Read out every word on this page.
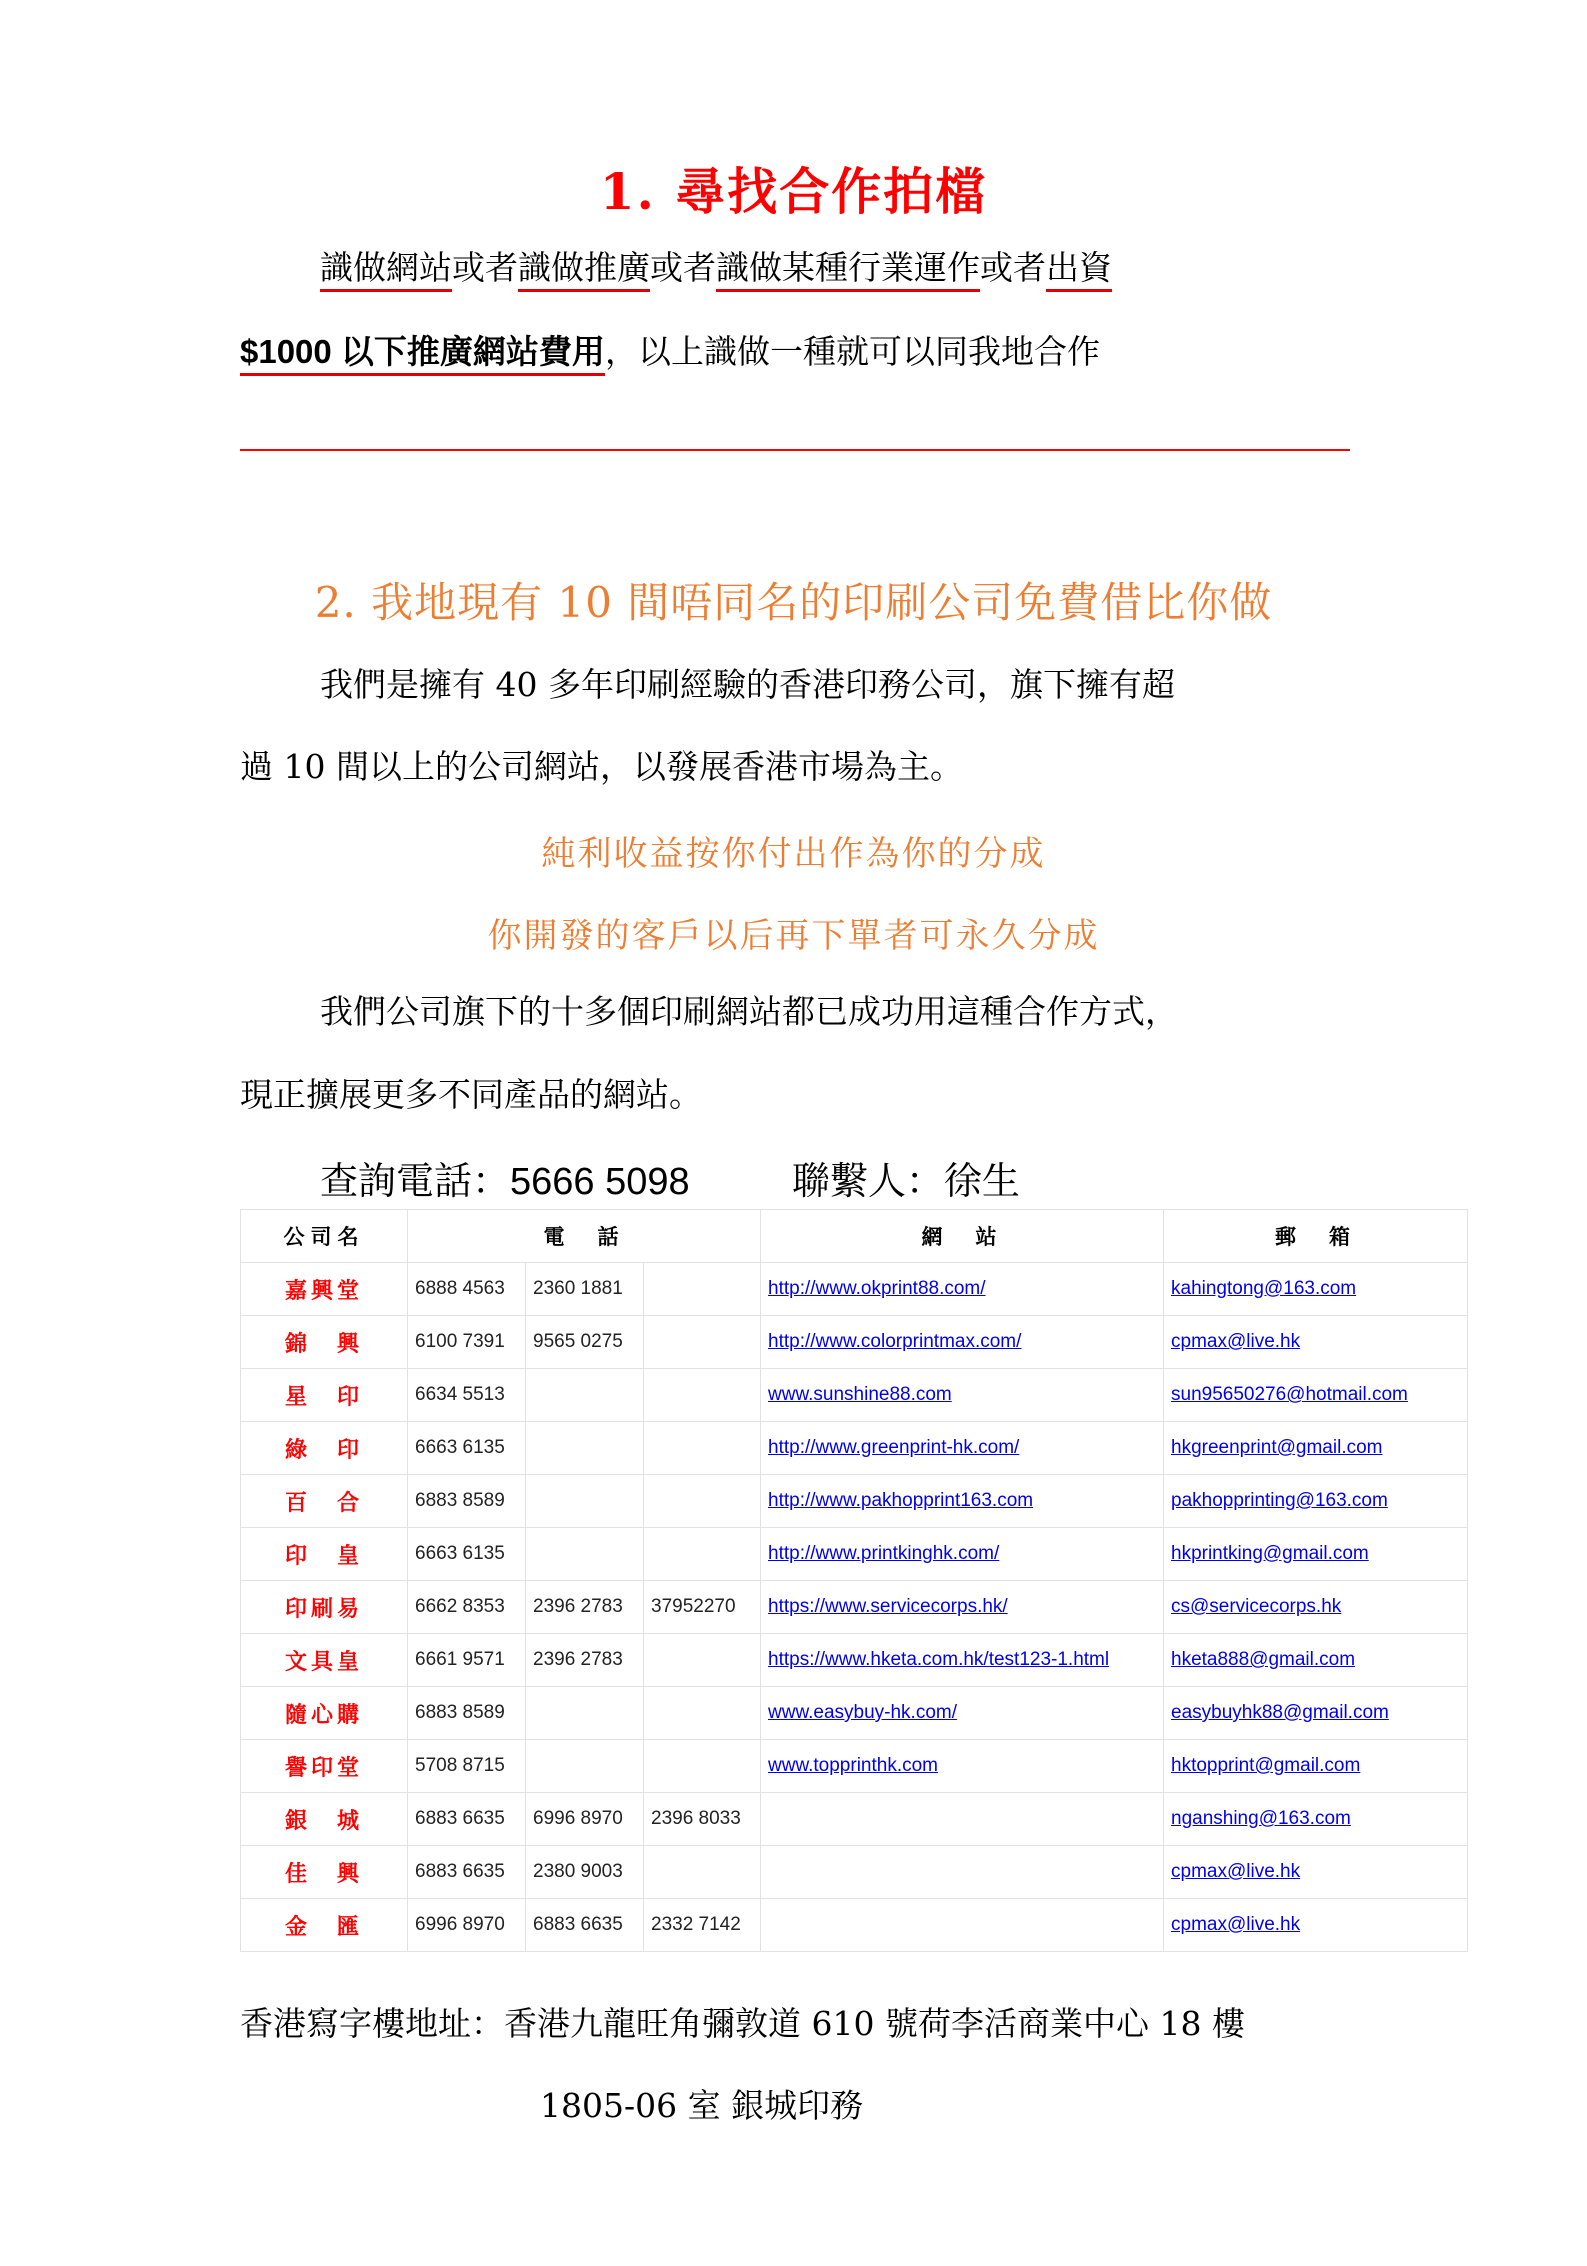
1. 尋找合作拍檔
識做網站或者識做推廣或者識做某種行業運作或者出資
$1000 以下推廣網站費用，以上識做一種就可以同我地合作
2. 我地現有 10 間唔同名的印刷公司免費借比你做
我們是擁有 40 多年印刷經驗的香港印務公司，旗下擁有超
過 10 間以上的公司網站，以發展香港市場為主。
純利收益按你付出作為你的分成
你開發的客戶以后再下單者可永久分成
我們公司旗下的十多個印刷網站都已成功用這種合作方式，
現正擴展更多不同產品的網站。
查詢電話：5666 5098	聯繫人：徐生
公司名	電　話			網　站	郵　箱
嘉興堂	6888 4563	2360 1881		http://www.okprint88.com/	kahingtong@163.com
錦　興	6100 7391	9565 0275		http://www.colorprintmax.com/	cpmax@live.hk
星　印	6634 5513			www.sunshine88.com	sun95650276@hotmail.com
綠　印	6663 6135			http://www.greenprint-hk.com/	hkgreenprint@gmail.com
百　合	6883 8589			http://www.pakhopprint163.com	pakhopprinting@163.com
印　皇	6663 6135			http://www.printkinghk.com/	hkprintking@gmail.com
印刷易	6662 8353	2396 2783	37952270	https://www.servicecorps.hk/	cs@servicecorps.hk
文具皇	6661 9571	2396 2783		https://www.hketa.com.hk/test123-1.html	hketa888@gmail.com
隨心購	6883 8589			www.easybuy-hk.com/	easybuyhk88@gmail.com
譽印堂	5708 8715			www.topprinthk.com	hktopprint@gmail.com
銀　城	6883 6635	6996 8970	2396 8033		nganshing@163.com
佳　興	6883 6635	2380 9003			cpmax@live.hk
金　匯	6996 8970	6883 6635	2332 7142		cpmax@live.hk
香港寫字樓地址：香港九龍旺角彌敦道 610 號荷李活商業中心 18 樓
1805-06 室 銀城印務
